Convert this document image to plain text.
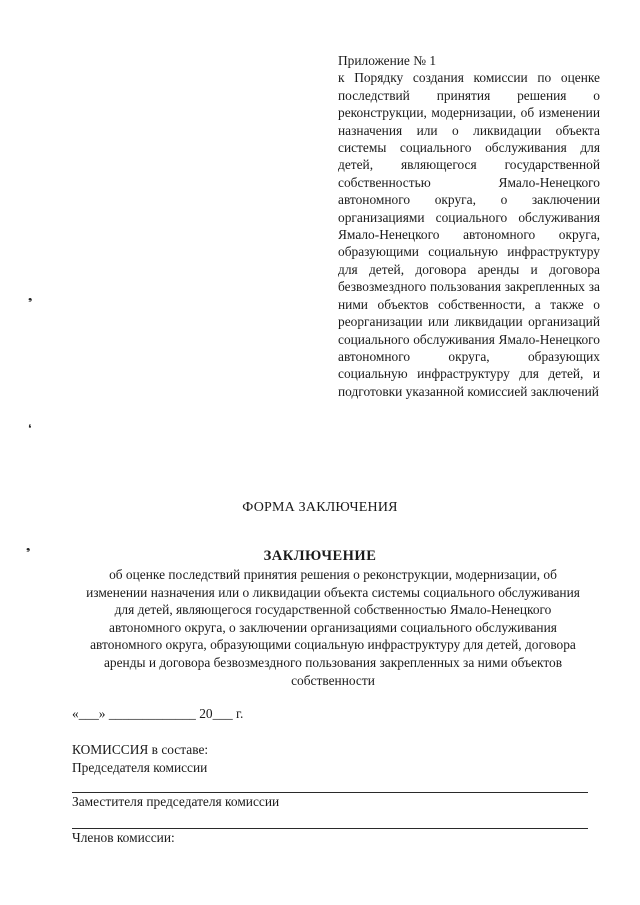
Приложение № 1

к Порядку создания комиссии по оценке последствий принятия решения о реконструкции, модернизации, об изменении назначения или о ликвидации объекта системы социального обслуживания для детей, являющегося государственной собственностью Ямало-Ненецкого автономного округа, о заключении организациями социального обслуживания Ямало-Ненецкого автономного округа, образующими социальную инфраструктуру для детей, договора аренды и договора безвозмездного пользования закрепленных за ними объектов собственности, а также о реорганизации или ликвидации организаций социального обслуживания Ямало-Ненецкого автономного округа, образующих социальную инфраструктуру для детей, и подготовки указанной комиссией заключений

ФОРМА ЗАКЛЮЧЕНИЯ
ЗАКЛЮЧЕНИЕ
об оценке последствий принятия решения о реконструкции, модернизации, об изменении назначения или о ликвидации объекта системы социального обслуживания для детей, являющегося государственной собственностью Ямало-Ненецкого автономного округа, о заключении организациями социального обслуживания автономного округа, образующими социальную инфраструктуру для детей, договора аренды и договора безвозмездного пользования закрепленных за ними объектов собственности
«___» _____________ 20___ г.
КОМИССИЯ в составе:
Председателя комиссии
Заместителя председателя комиссии
Членов комиссии:
❟
❛
❟
